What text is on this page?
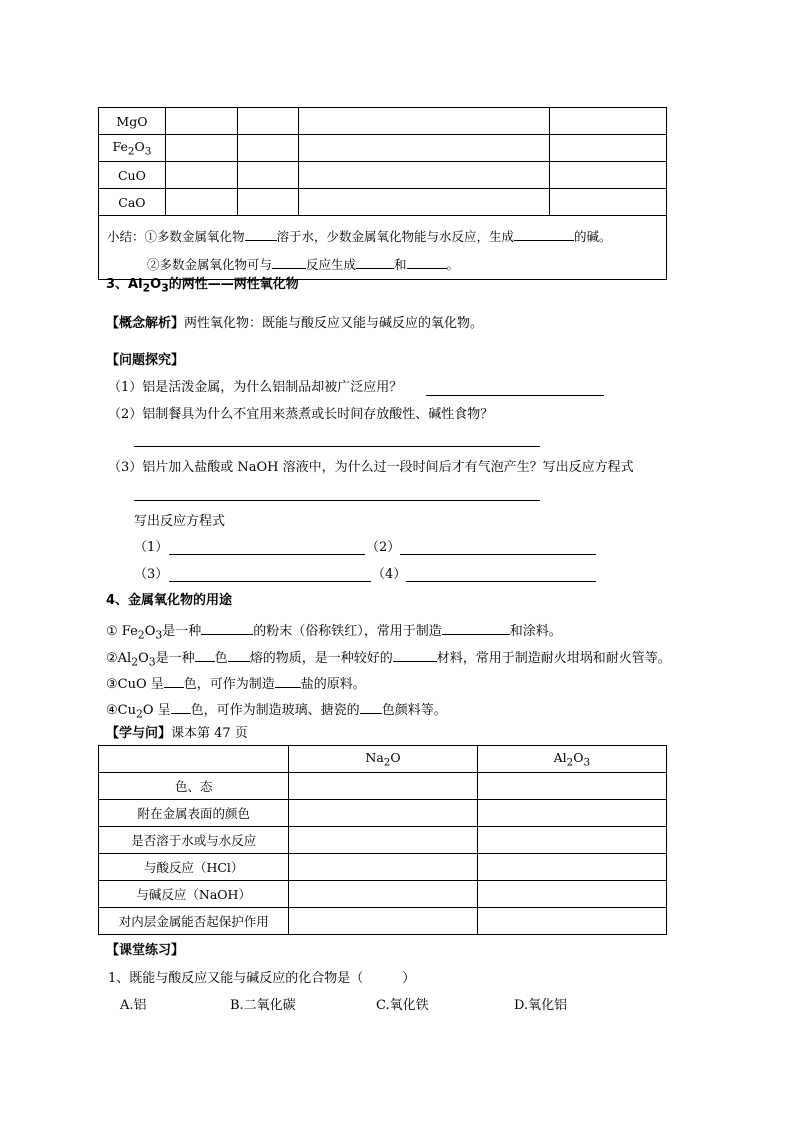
MgO				
$Fe_2O_3$				
CuO				
CaO				

小结：①多数金属氧化物 溶于水，少数金属氧化物能与水反应，生成 的碱。
②多数金属氧化物可与 反应生成 和 。				
3、$Al_2O_3$的两性——两性氧化物
【概念解析】两性氧化物：既能与酸反应又能与碱反应的氧化物。
【问题探究】
（1）铝是活泼金属，为什么铝制品却被广泛应用？
（2）铝制餐具为什么不宜用来蒸煮或长时间存放酸性、碱性食物？
（3）铝片加入盐酸或 NaOH 溶液中，为什么过一段时间后才有气泡产生？写出反应方程式
写出反应方程式
（1）	（2）
（3）	（4）
4、金属氧化物的用途
① $Fe_2O_3$是一种	的粉末（俗称铁红），常用于制造	和涂料。
$②Al_2O_3$是一种 色 熔的物质，是一种较好的	材料，常用于制造耐火坩埚和耐火管等。
③CuO 呈 色，可作为制造 盐的原料。
$④Cu_2O$ 呈 色，可作为制造玻璃、搪瓷的 色颜料等。
【学与问】课本第 47 页
	$Na_2O$	$Al_2O_3$
色、态		
附在金属表面的颜色		
是否溶于水或与水反应		
与酸反应（HCl）		
与碱反应（NaOH）		
对内层金属能否起保护作用		
【课堂练习】
1、既能与酸反应又能与碱反应的化合物是（　　　）
A.铝	B.二氧化碳	C.氧化铁	D.氧化铝
